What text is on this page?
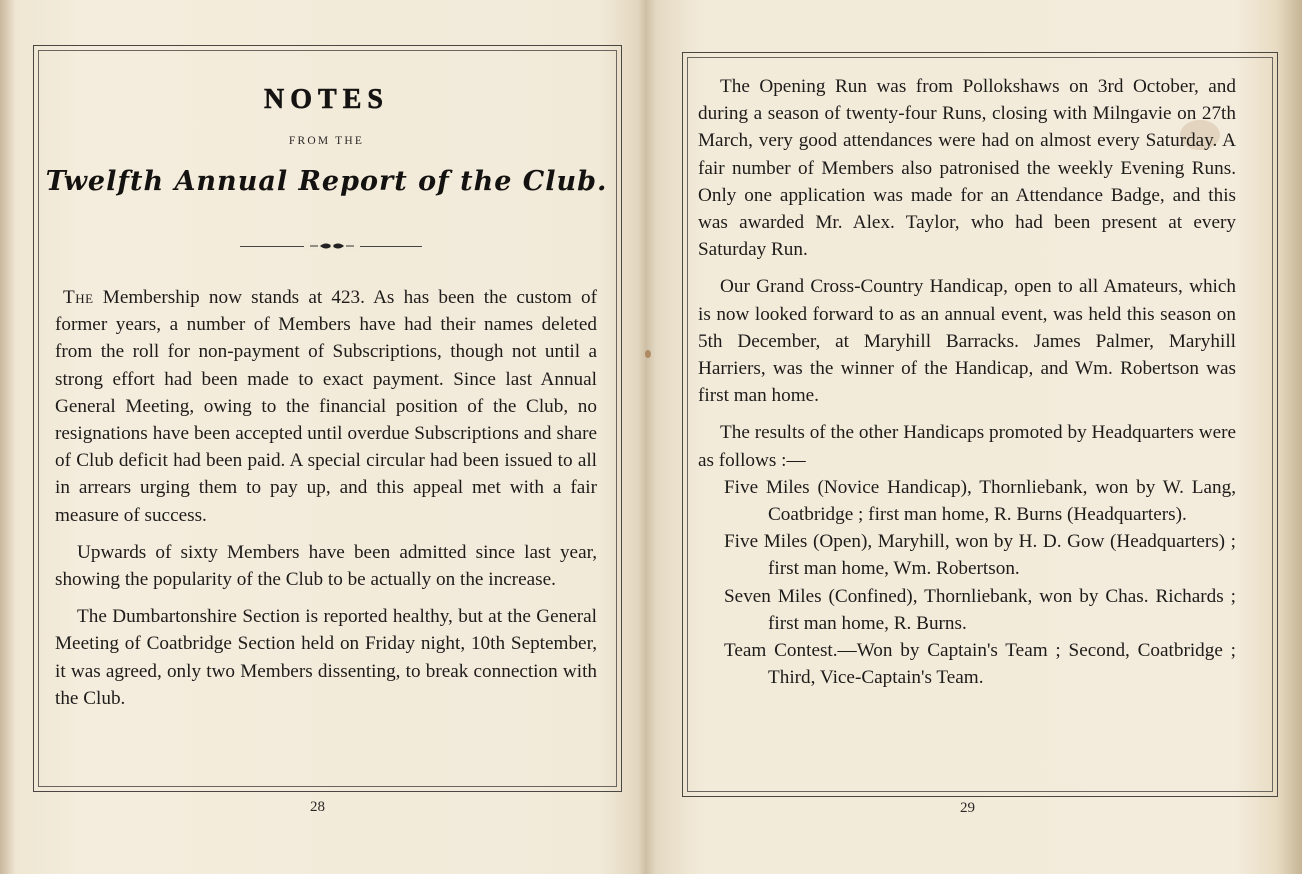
NOTES
FROM THE
Twelfth Annual Report of the Club.

The Membership now stands at 423. As has been the custom of former years, a number of Members have had their names deleted from the roll for non-payment of Subscriptions, though not until a strong effort had been made to exact payment. Since last Annual General Meeting, owing to the financial position of the Club, no resignations have been accepted until overdue Subscriptions and share of Club deficit had been paid. A special circular had been issued to all in arrears urging them to pay up, and this appeal met with a fair measure of success.

Upwards of sixty Members have been admitted since last year, showing the popularity of the Club to be actually on the increase.

The Dumbartonshire Section is reported healthy, but at the General Meeting of Coatbridge Section held on Friday night, 10th September, it was agreed, only two Members dissenting, to break connection with the Club.

28

The Opening Run was from Pollokshaws on 3rd October, and during a season of twenty-four Runs, closing with Milngavie on 27th March, very good attendances were had on almost every Saturday. A fair number of Members also patronised the weekly Evening Runs. Only one application was made for an Attendance Badge, and this was awarded Mr. Alex. Taylor, who had been present at every Saturday Run.

Our Grand Cross-Country Handicap, open to all Amateurs, which is now looked forward to as an annual event, was held this season on 5th December, at Maryhill Barracks. James Palmer, Maryhill Harriers, was the winner of the Handicap, and Wm. Robertson was first man home.

The results of the other Handicaps promoted by Headquarters were as follows :—

Five Miles (Novice Handicap), Thornliebank, won by W. Lang, Coatbridge ; first man home, R. Burns (Headquarters).

Five Miles (Open), Maryhill, won by H. D. Gow (Headquarters) ; first man home, Wm. Robertson.

Seven Miles (Confined), Thornliebank, won by Chas. Richards ; first man home, R. Burns.

Team Contest.—Won by Captain's Team ; Second, Coatbridge ; Third, Vice-Captain's Team.

29
